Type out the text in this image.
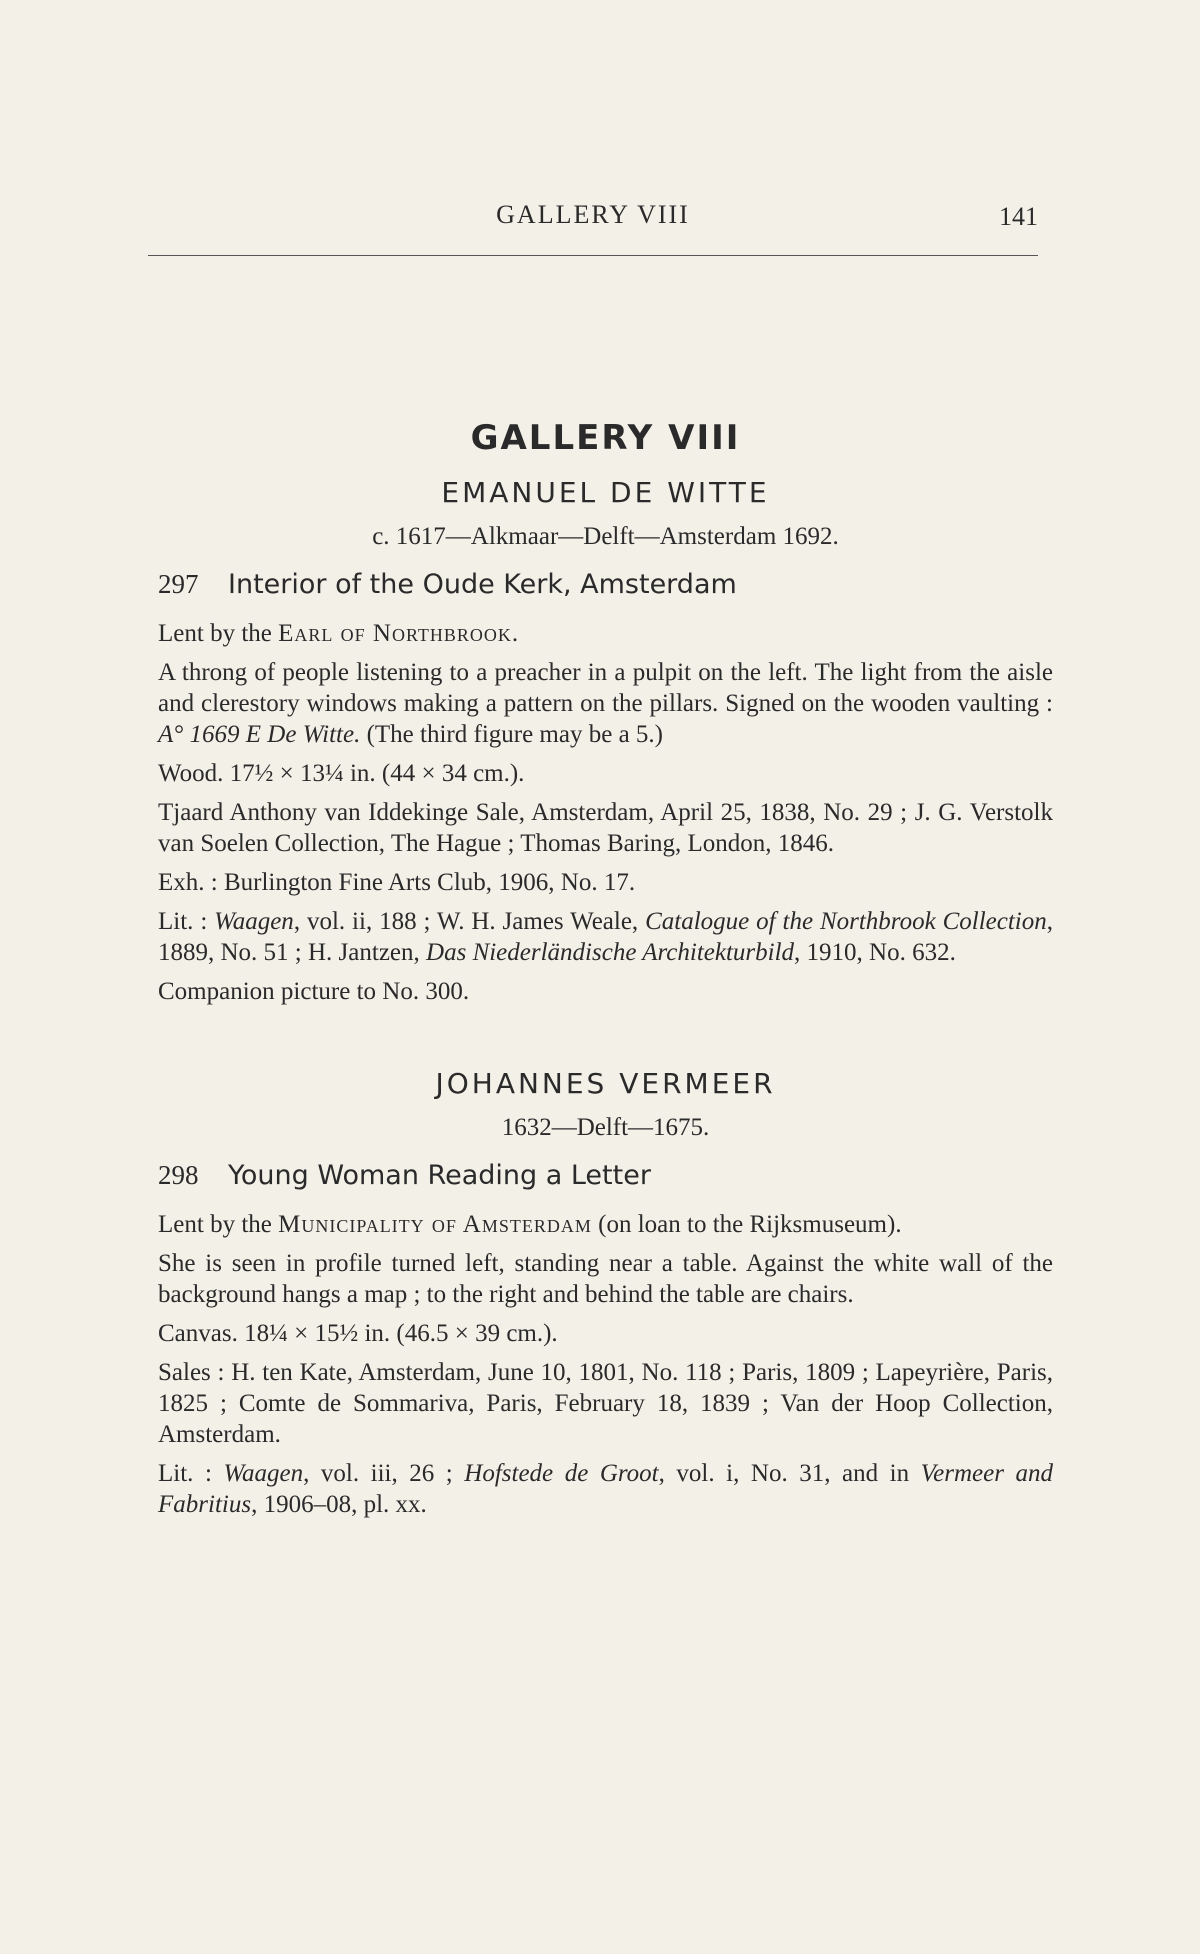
GALLERY VIII	141
GALLERY VIII
EMANUEL DE WITTE
c. 1617—Alkmaar—Delft—Amsterdam 1692.
297	Interior of the Oude Kerk, Amsterdam

Lent by the Earl of Northbrook.

A throng of people listening to a preacher in a pulpit on the left. The light from the aisle and clerestory windows making a pattern on the pillars. Signed on the wooden vaulting : A° 1669 E De Witte. (The third figure may be a 5.)

Wood. 17½ × 13¼ in. (44 × 34 cm.).

Tjaard Anthony van Iddekinge Sale, Amsterdam, April 25, 1838, No. 29 ; J. G. Verstolk van Soelen Collection, The Hague ; Thomas Baring, London, 1846.

Exh. : Burlington Fine Arts Club, 1906, No. 17.

Lit. : Waagen, vol. ii, 188 ; W. H. James Weale, Catalogue of the Northbrook Collection, 1889, No. 51 ; H. Jantzen, Das Niederländische Architekturbild, 1910, No. 632.

Companion picture to No. 300.

JOHANNES VERMEER
1632—Delft—1675.
298	Young Woman Reading a Letter

Lent by the Municipality of Amsterdam (on loan to the Rijksmuseum).

She is seen in profile turned left, standing near a table. Against the white wall of the background hangs a map ; to the right and behind the table are chairs.

Canvas. 18¼ × 15½ in. (46.5 × 39 cm.).

Sales : H. ten Kate, Amsterdam, June 10, 1801, No. 118 ; Paris, 1809 ; Lapeyrière, Paris, 1825 ; Comte de Sommariva, Paris, February 18, 1839 ; Van der Hoop Collection, Amsterdam.

Lit. : Waagen, vol. iii, 26 ; Hofstede de Groot, vol. i, No. 31, and in Vermeer and Fabritius, 1906–08, pl. xx.
